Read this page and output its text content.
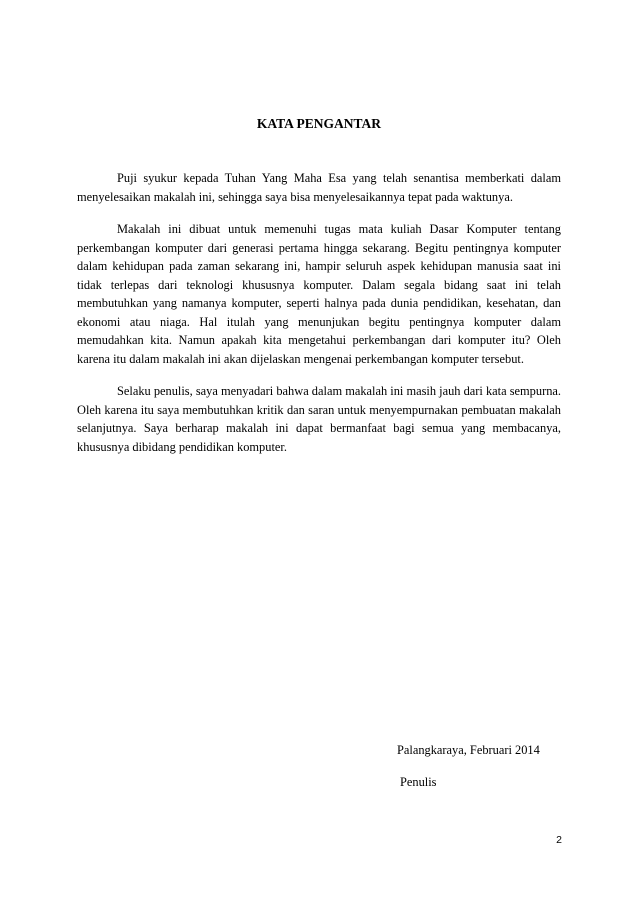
KATA PENGANTAR

Puji syukur kepada Tuhan Yang Maha Esa yang telah senantisa memberkati dalam menyelesaikan makalah ini, sehingga saya bisa menyelesaikannya tepat pada waktunya.

Makalah ini dibuat untuk memenuhi tugas mata kuliah Dasar Komputer tentang perkembangan komputer dari generasi pertama hingga sekarang. Begitu pentingnya komputer dalam kehidupan pada zaman sekarang ini, hampir seluruh aspek kehidupan manusia saat ini tidak terlepas dari teknologi khususnya komputer. Dalam segala bidang saat ini telah membutuhkan yang namanya komputer, seperti halnya pada dunia pendidikan, kesehatan, dan ekonomi atau niaga. Hal itulah yang menunjukan begitu pentingnya komputer dalam memudahkan kita. Namun apakah kita mengetahui perkembangan dari komputer itu? Oleh karena itu dalam makalah ini akan dijelaskan mengenai perkembangan komputer tersebut.

Selaku penulis, saya menyadari bahwa dalam makalah ini masih jauh dari kata sempurna. Oleh karena itu saya membutuhkan kritik dan saran untuk menyempurnakan pembuatan makalah selanjutnya. Saya berharap makalah ini dapat bermanfaat bagi semua yang membacanya, khususnya dibidang pendidikan komputer.

Palangkaraya, Februari 2014

Penulis

2
